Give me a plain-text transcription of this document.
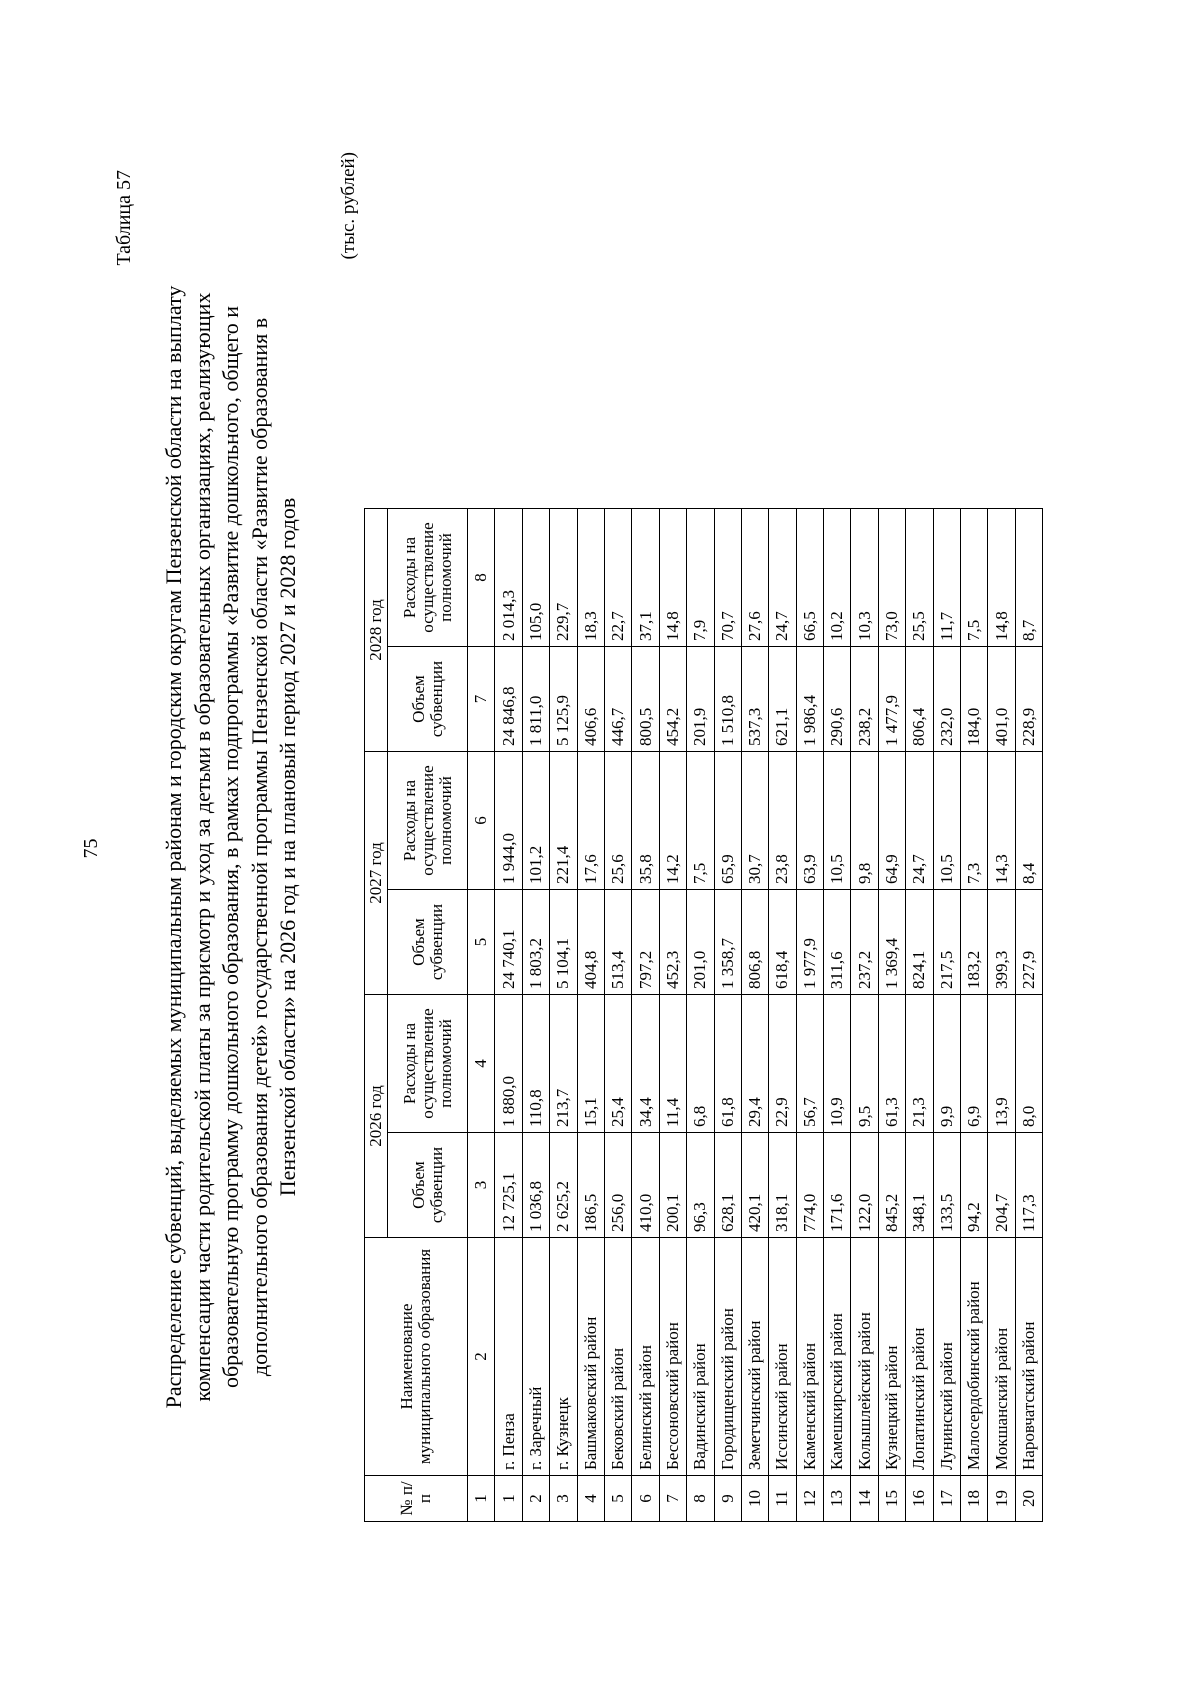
75
Таблица 57
Распределение субвенций, выделяемых муниципальным районам и городским округам Пензенской области на выплату компенсации части родительской платы за присмотр и уход за детьми в образовательных организациях, реализующих образовательную программу дошкольного образования, в рамках подпрограммы «Развитие дошкольного, общего и дополнительного образования детей» государственной программы Пензенской области «Развитие образования в Пензенской области» на 2026 год и на плановый период 2027 и 2028 годов
(тыс. рублей)
№ п/п	Наименование муниципального образования	2026 год		2027 год		2028 год	
		Объем субвенции	Расходы на осуществление полномочий	Объем субвенции	Расходы на осуществление полномочий	Объем субвенции	Расходы на осуществление полномочий
1	2	3	4	5	6	7	8
1	г. Пенза	12 725,1	1 880,0	24 740,1	1 944,0	24 846,8	2 014,3
2	г. Заречный	1 036,8	110,8	1 803,2	101,2	1 811,0	105,0
3	г. Кузнецк	2 625,2	213,7	5 104,1	221,4	5 125,9	229,7
4	Башмаковский район	186,5	15,1	404,8	17,6	406,6	18,3
5	Бековский район	256,0	25,4	513,4	25,6	446,7	22,7
6	Белинский район	410,0	34,4	797,2	35,8	800,5	37,1
7	Бессоновский район	200,1	11,4	452,3	14,2	454,2	14,8
8	Вадинский район	96,3	6,8	201,0	7,5	201,9	7,9
9	Городищенский район	628,1	61,8	1 358,7	65,9	1 510,8	70,7
10	Земетчинский район	420,1	29,4	806,8	30,7	537,3	27,6
11	Иссинский район	318,1	22,9	618,4	23,8	621,1	24,7
12	Каменский район	774,0	56,7	1 977,9	63,9	1 986,4	66,5
13	Камешкирский район	171,6	10,9	311,6	10,5	290,6	10,2
14	Колышлейский район	122,0	9,5	237,2	9,8	238,2	10,3
15	Кузнецкий район	845,2	61,3	1 369,4	64,9	1 477,9	73,0
16	Лопатинский район	348,1	21,3	824,1	24,7	806,4	25,5
17	Лунинский район	133,5	9,9	217,5	10,5	232,0	11,7
18	Малосердобинский район	94,2	6,9	183,2	7,3	184,0	7,5
19	Мокшанский район	204,7	13,9	399,3	14,3	401,0	14,8
20	Наровчатский район	117,3	8,0	227,9	8,4	228,9	8,7
